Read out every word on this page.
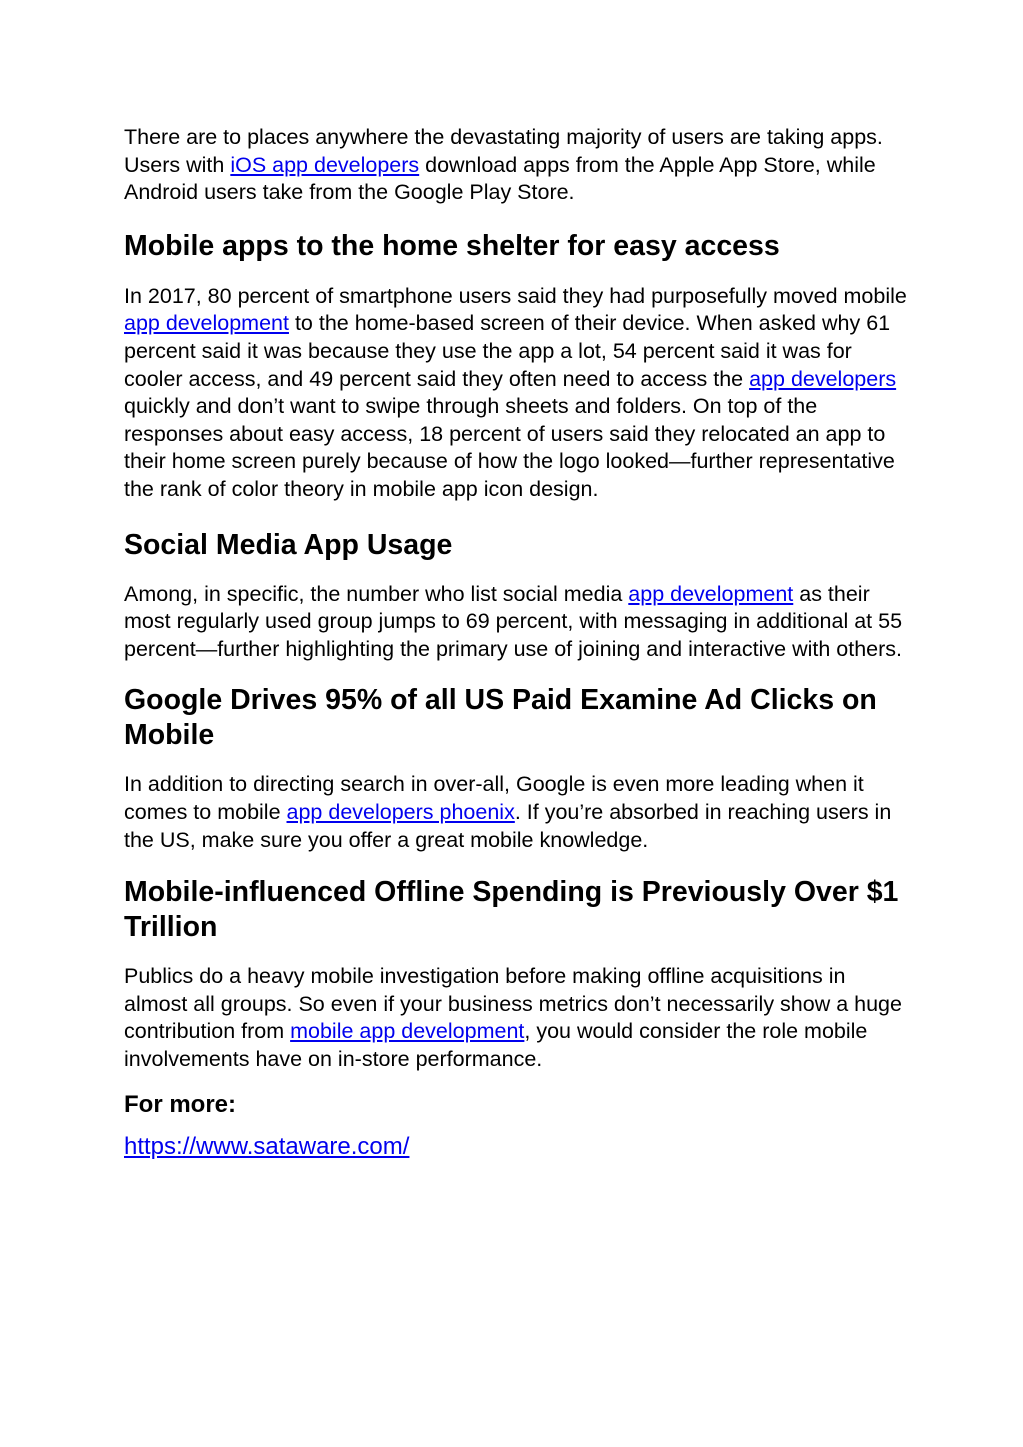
There are to places anywhere the devastating majority of users are taking apps. Users with iOS app developers download apps from the Apple App Store, while Android users take from the Google Play Store.

Mobile apps to the home shelter for easy access

In 2017, 80 percent of smartphone users said they had purposefully moved mobile app development to the home-based screen of their device. When asked why 61 percent said it was because they use the app a lot, 54 percent said it was for cooler access, and 49 percent said they often need to access the app developers quickly and don’t want to swipe through sheets and folders. On top of the responses about easy access, 18 percent of users said they relocated an app to their home screen purely because of how the logo looked—further representative the rank of color theory in mobile app icon design.

Social Media App Usage

Among, in specific, the number who list social media app development as their most regularly used group jumps to 69 percent, with messaging in additional at 55 percent—further highlighting the primary use of joining and interactive with others.

Google Drives 95% of all US Paid Examine Ad Clicks on Mobile

In addition to directing search in over-all, Google is even more leading when it comes to mobile app developers phoenix. If you’re absorbed in reaching users in the US, make sure you offer a great mobile knowledge.

Mobile-influenced Offline Spending is Previously Over $1 Trillion

Publics do a heavy mobile investigation before making offline acquisitions in almost all groups. So even if your business metrics don’t necessarily show a huge contribution from mobile app development, you would consider the role mobile involvements have on in-store performance.

For more:
https://www.sataware.com/
